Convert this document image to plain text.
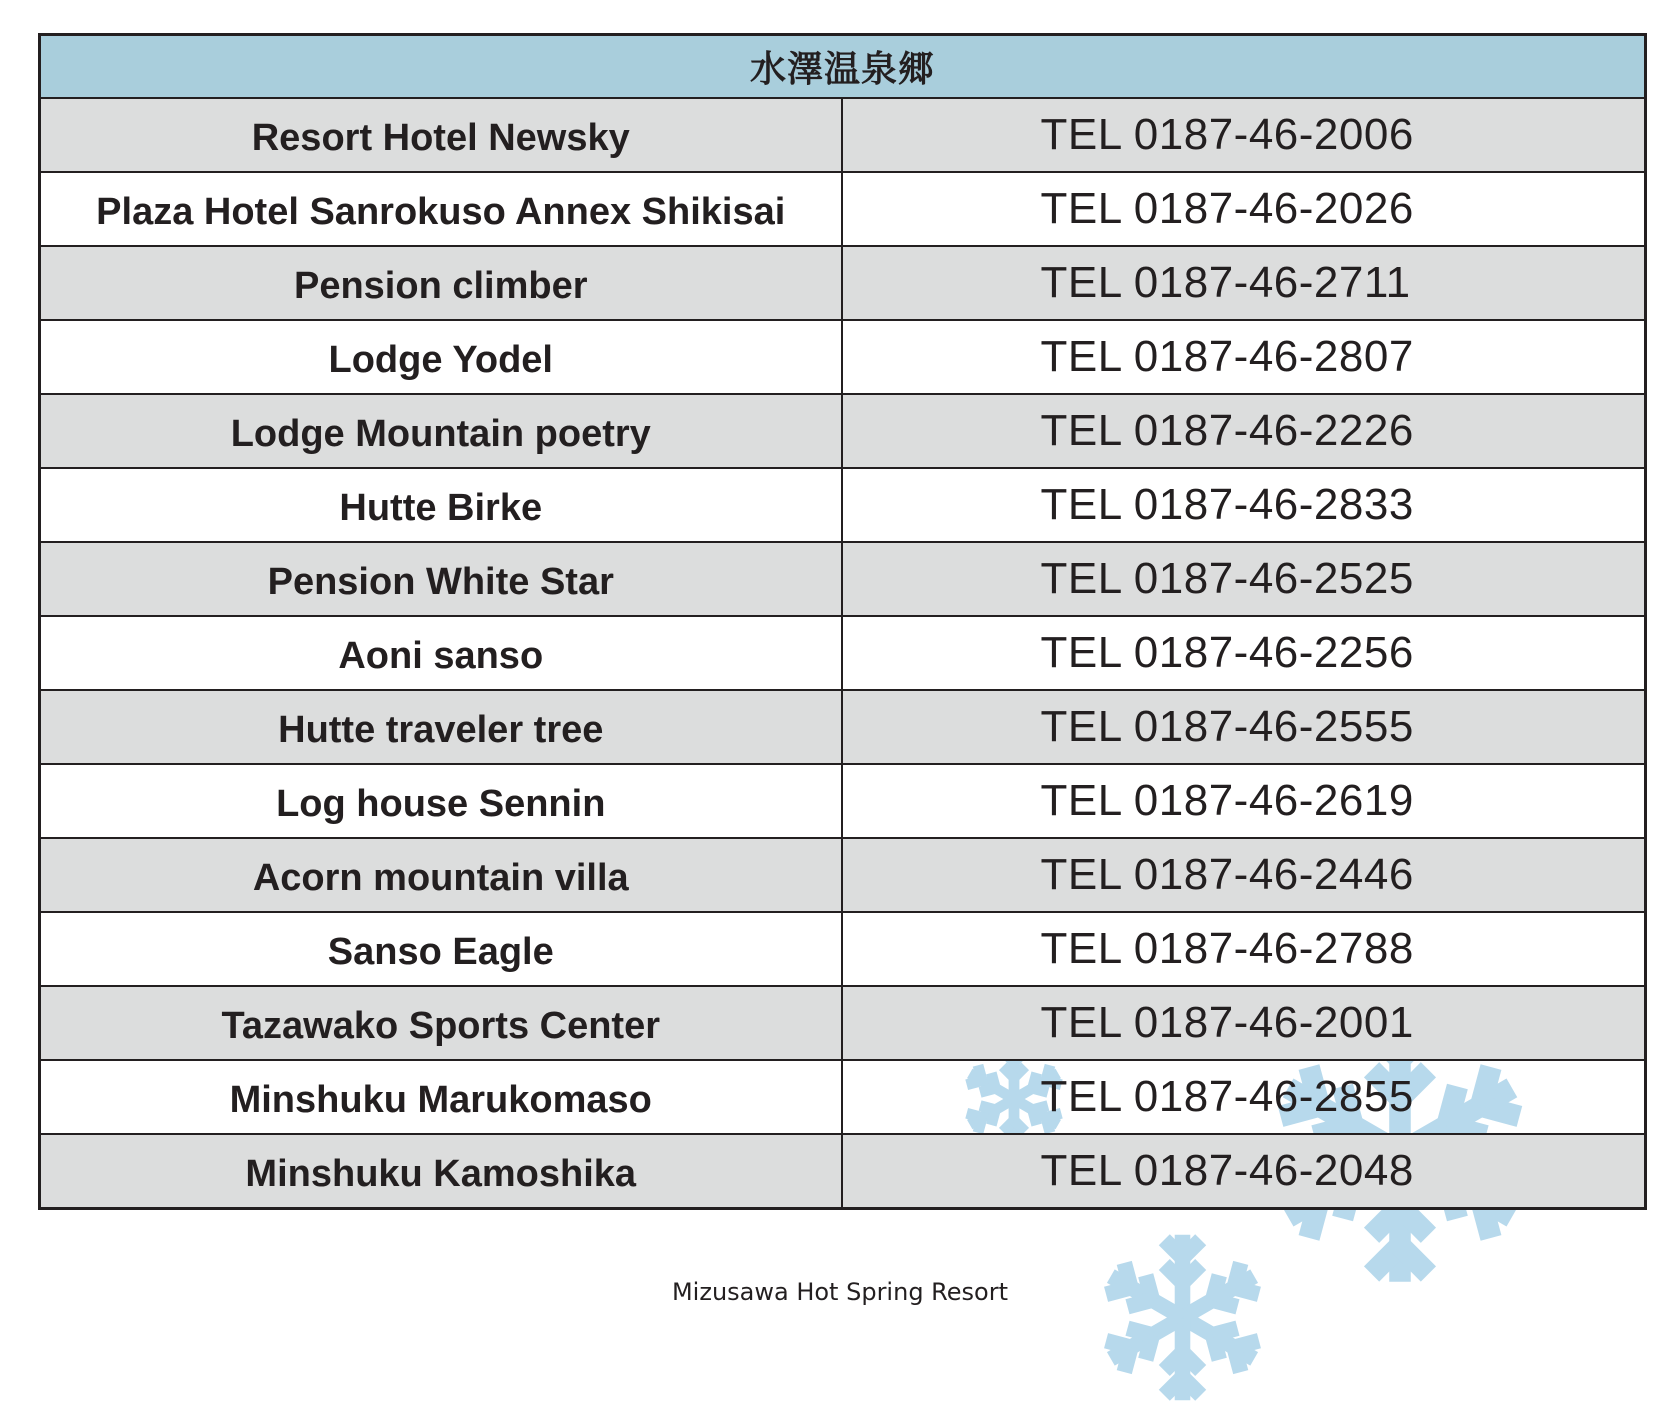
水澤温泉郷	
Resort Hotel Newsky	TEL 0187-46-2006
Plaza Hotel Sanrokuso Annex Shikisai	TEL 0187-46-2026
Pension climber	TEL 0187-46-2711
Lodge Yodel	TEL 0187-46-2807
Lodge Mountain poetry	TEL 0187-46-2226
Hutte Birke	TEL 0187-46-2833
Pension White Star	TEL 0187-46-2525
Aoni sanso	TEL 0187-46-2256
Hutte traveler tree	TEL 0187-46-2555
Log house Sennin	TEL 0187-46-2619
Acorn mountain villa	TEL 0187-46-2446
Sanso Eagle	TEL 0187-46-2788
Tazawako Sports Center	TEL 0187-46-2001
Minshuku Marukomaso	TEL 0187-46-2855
Minshuku Kamoshika	TEL 0187-46-2048
Mizusawa Hot Spring Resort
